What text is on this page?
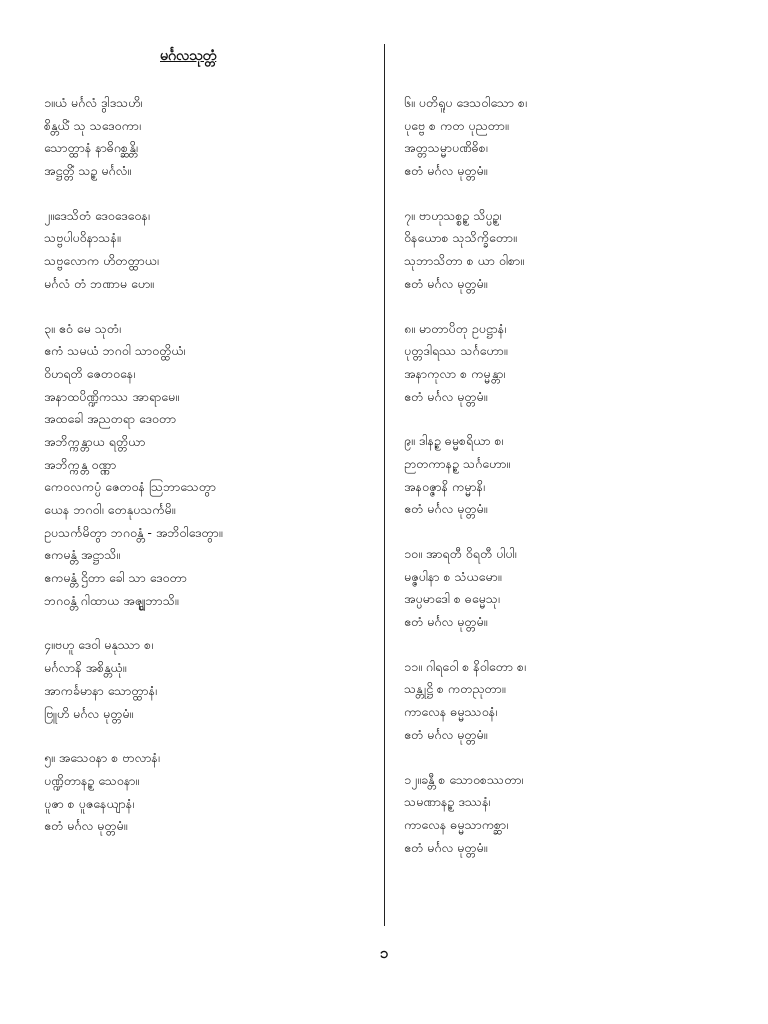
မင်္ဂလသုတ္တံ
၁။ယံ မင်္ဂလံ ဒွါဒသဟိ၊
စိန္တယိံ သု သဒေဝကာ၊
သောတ္ထာနံ နာဓိဂစ္ဆန္တိ၊
အဋ္ဌတ္တိံ သဉ္စ မင်္ဂလံ။
၂။ဒေသိတံ ဒေဝဒေဝေန၊
သဗ္ဗပါပဝိနာသနံ။
သဗ္ဗလောက ဟိတတ္ထာယ၊
မင်္ဂလံ တံ ဘဏာမ ဟေ။
၃။ ဧဝံ မေ သုတံ၊
ဧကံ သမယံ ဘဂဝါ သာဝတ္ထိယံ၊
ဝိဟရတိ ဇေတဝနေ၊
အနာထပိဏ္ဍိကဿ အာရာမေ။
အထခေါ အညတရာ ဒေဝတာ
အဘိက္ကန္တာယ ရတ္တိယာ
အဘိက္ကန္တ ဝဏ္ဏာ
ကေဝလကပ္ပံ ဇေတဝနံ ဩဘာသေတွာ
ယေန ဘဂဝါ၊ တေနုပသင်္ကမိ။
ဥပသင်္ကမိတွာ ဘဂဝန္တံ - အဘိဝါဒေတွာ။
ဧကမန္တံ အဋ္ဌာသိ။
ဧကမန္တံ ဌိတာ ခေါ သာ ဒေဝတာ
ဘဂဝန္တံ ဂါထာယ အၛ္ဈဘာသိ။
၄။ဗဟူ ဒေဝါ မနုဿာ စ၊
မင်္ဂလာနိ အစိန္တယုံ။
အာကင်္ခမာနာ သောတ္ထာနံ၊
ဗြူဟိ မင်္ဂလ မုတ္တမံ။
၅။ အသေဝနာ စ ဗာလာနံ၊
ပဏ္ဍိတာနဉ္စ သေဝနာ။
ပူဇာ စ ပူဇနေယျာနံ၊
ဧတံ မင်္ဂလ မုတ္တမံ။
၆။ ပတိရူပ ဒေသဝါသော စ၊
ပုဗ္ဗေ စ ကတ ပုညတာ။
အတ္တသမ္မာပဏိဓိစ၊
ဧတံ မင်္ဂလ မုတ္တမံ။
၇။ ဗာဟုသစ္စဉ္စ သိပ္ပဉ္စ၊
ဝိနယောစ သုသိက္ခိတော။
သုဘာသိတာ စ ယာ ဝါစာ။
ဧတံ မင်္ဂလ မုတ္တမံ။
၈။ မာတာပိတု ဥပဋ္ဌာနံ၊
ပုတ္တဒါရဿ သင်္ဂဟော။
အနာကုလာ စ ကမ္မန္တာ၊
ဧတံ မင်္ဂလ မုတ္တမံ။
၉။ ဒါနဉ္စ ဓမ္မစရိယာ စ၊
ဉာတကာနဉ္စ သင်္ဂဟော။
အနဝဇ္ဇာနိ ကမ္မာနိ၊
ဧတံ မင်္ဂလ မုတ္တမံ။
၁၀။ အာရတီ ဝိရတီ ပါပါ၊
မဇ္ဇပါနာ စ သံယမော။
အပ္ပမာဒေါ စ ဓမ္မေသု၊
ဧတံ မင်္ဂလ မုတ္တမံ။
၁၁။ ဂါရဝေါ စ နိဝါတော စ၊
သန္တုဋ္ဌိ စ ကတညုတာ။
ကာလေန ဓမ္မဿဝနံ၊
ဧတံ မင်္ဂလ မုတ္တမံ။
၁၂။ခန္တီ စ သောဝစဿတာ၊
သမဏာနဉ္စ ဒဿနံ၊
ကာလေန ဓမ္မသာကစ္ဆာ၊
ဧတံ မင်္ဂလ မုတ္တမံ။
၁
